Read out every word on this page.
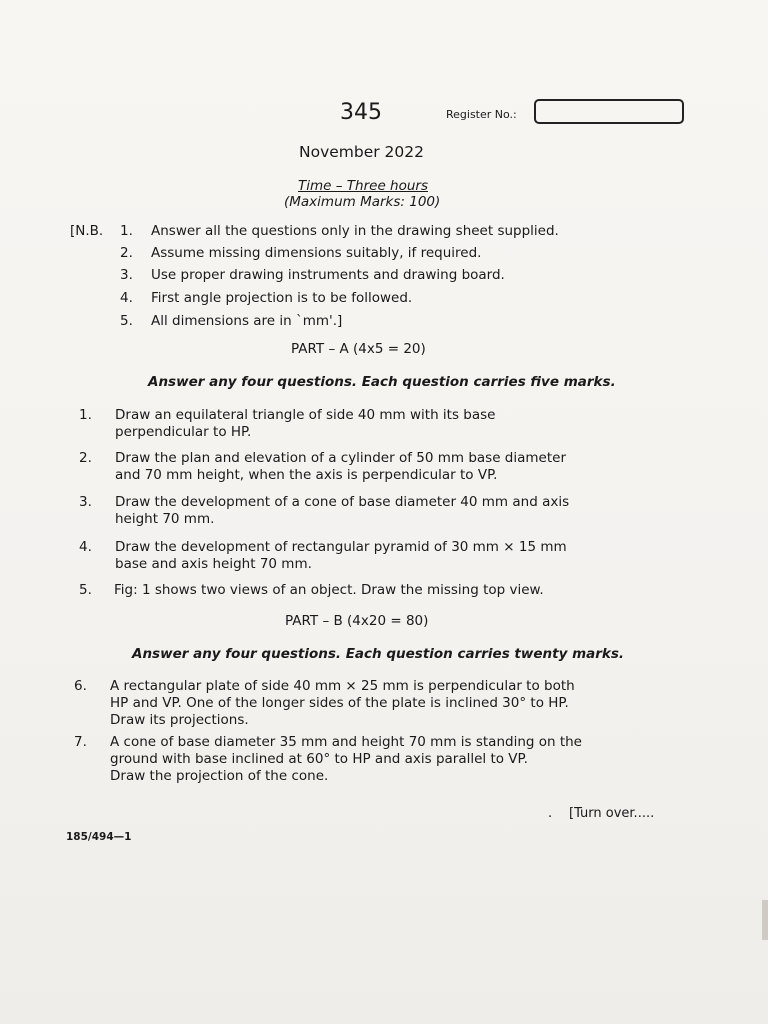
345	Register No.:
November 2022
Time – Three hours
(Maximum Marks: 100)
[N.B. 1. Answer all the questions only in the drawing sheet supplied.
2. Assume missing dimensions suitably, if required.
3. Use proper drawing instruments and drawing board.
4. First angle projection is to be followed.
5. All dimensions are in `mm'.]
PART – A (4x5 = 20)
Answer any four questions. Each question carries five marks.
1. Draw an equilateral triangle of side 40 mm with its base
perpendicular to HP.
2. Draw the plan and elevation of a cylinder of 50 mm base diameter
and 70 mm height, when the axis is perpendicular to VP.
3. Draw the development of a cone of base diameter 40 mm and axis
height 70 mm.
4. Draw the development of rectangular pyramid of 30 mm × 15 mm
base and axis height 70 mm.
5. Fig: 1 shows two views of an object. Draw the missing top view.
PART – B (4x20 = 80)
Answer any four questions. Each question carries twenty marks.
6. A rectangular plate of side 40 mm × 25 mm is perpendicular to both
HP and VP. One of the longer sides of the plate is inclined 30° to HP.
Draw its projections.
7. A cone of base diameter 35 mm and height 70 mm is standing on the
ground with base inclined at 60° to HP and axis parallel to VP.
Draw the projection of the cone.
. [Turn over.....
185/494—1
